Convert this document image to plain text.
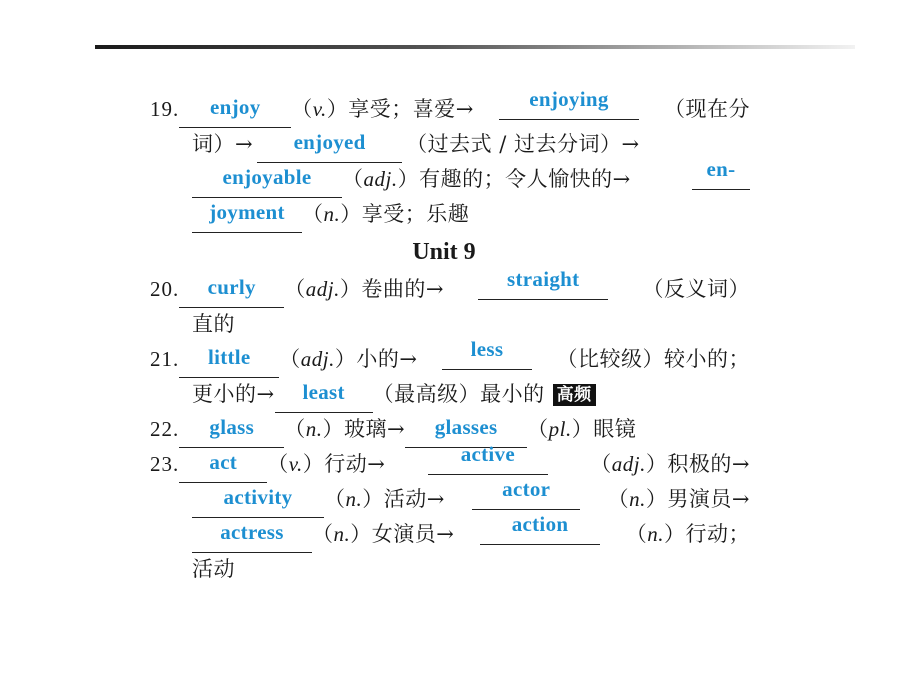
19. enjoy （v.）享受；喜爱→	enjoying	（现在分
词）→ enjoyed （过去式 / 过去分词）→
enjoyable （adj.）有趣的；令人愉快的→	en-
joyment （n.）享受；乐趣
Unit 9
20. curly （adj.）卷曲的→	straight	（反义词）
直的
21. little （adj.）小的→	less	（比较级）较小的；
更小的→ least （最高级）最小的 高频
22. glass （n.）玻璃→ glasses （pl.）眼镜
23. act （v.）行动→	active	（adj.）积极的→
activity （n.）活动→	actor	（n.）男演员→
actress （n.）女演员→	action	（n.）行动；
活动
